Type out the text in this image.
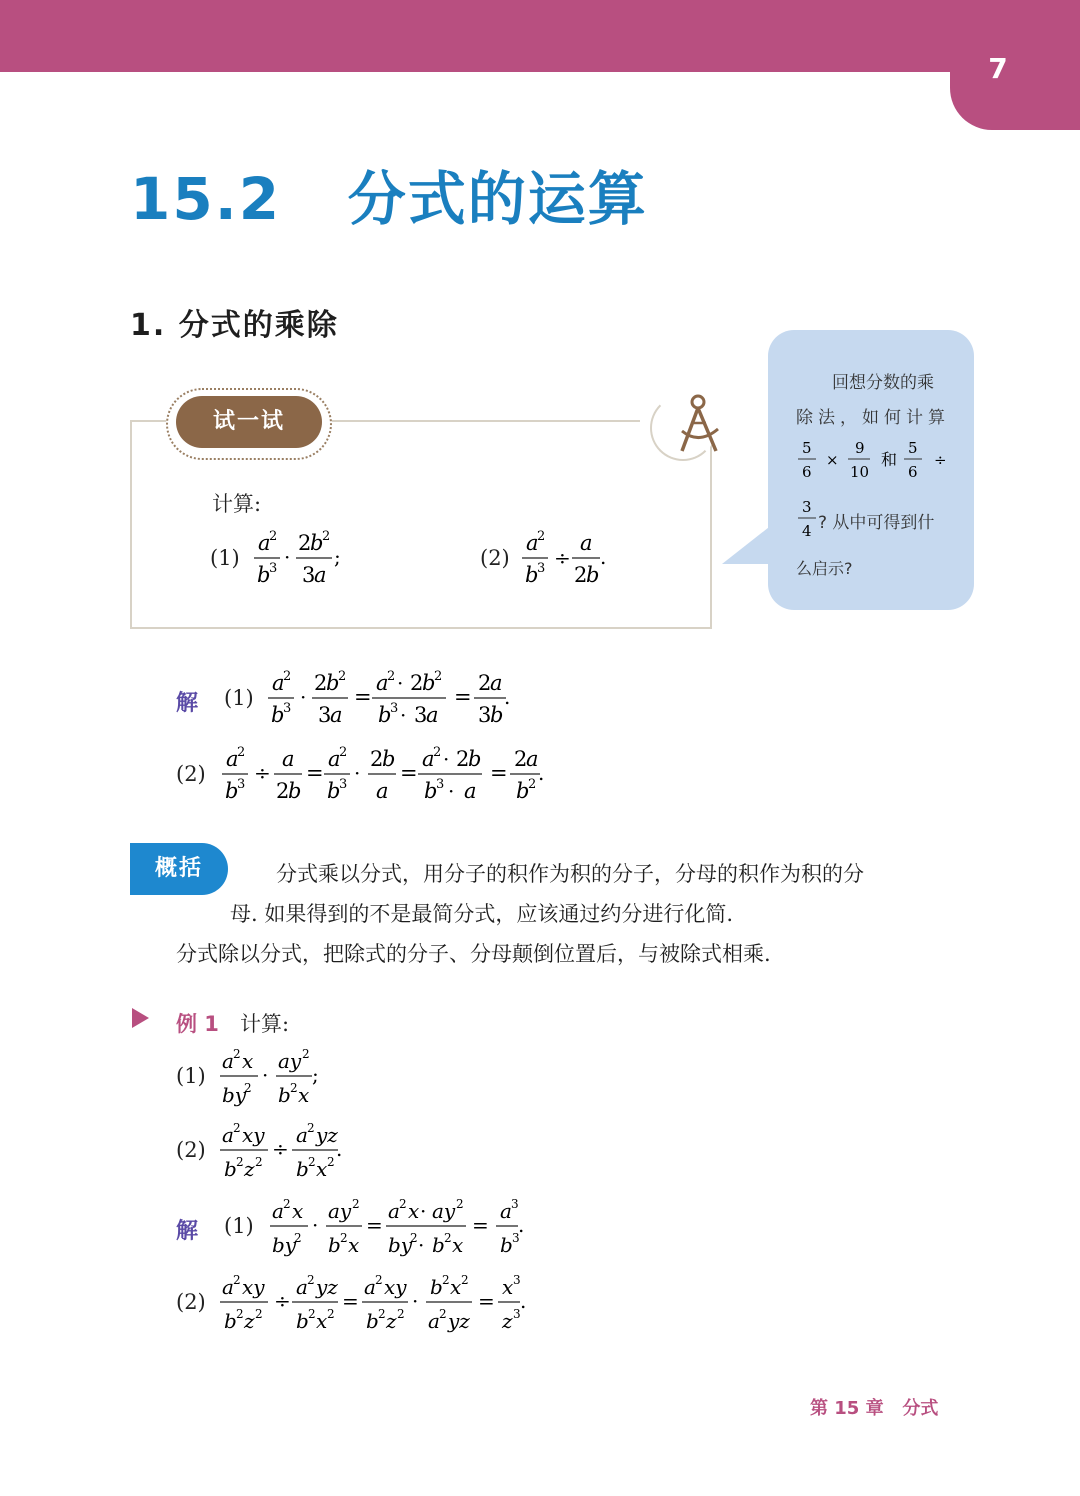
7
15.2 分式的运算
1. 分式的乘除
试一试
计算:
(1)	(2)
a
2
b
3 ·
2
b
2
3
a
;
a
2
b
3 ÷
a
2
b
.
回想分数的乘
除法，如何计算
5
6
×
9
10
和
5
6
÷
3
4 ? 从中可得到什
么启示?
解 (1)
a
2
b
3 ·
2
b
2
3
a
=
a
2 · 2
b
2
b
3 · 3
a
=
2
a
3
b
.
(2)
a
2
b
3 ÷
a
2
b
=
a
2
b
3 ·
2
b
a
=
a
2 · 2
b
b
3 · a
=
2
a
b
2 .
概括	分式乘以分式，用分子的积作为积的分子，分母的积作为积的分
母. 如果得到的不是最简分式，应该通过约分进行化简.
分式除以分式，把除式的分子、分母颠倒位置后，与被除式相乘.
例 1 计算:
(1)
a 2 x
by
2
·
ay 2
b 2 x
;
(2)
a 2 xy
b 2 z 2
÷
a 2 yz
b 2 x 2
.
解 (1)
a 2 x
by
2
·
ay 2
b 2 x
=
a 2 x · ay 2
by
2 · b 2 x
=
a 3
b 3
.
(2)
a 2 xy
b 2 z 2
÷
a 2 yz
b 2 x 2
=
a 2 xy
b 2 z 2
·
b 2 x 2
a 2 yz
=
x 3
z 3
.
第 15 章 分式
